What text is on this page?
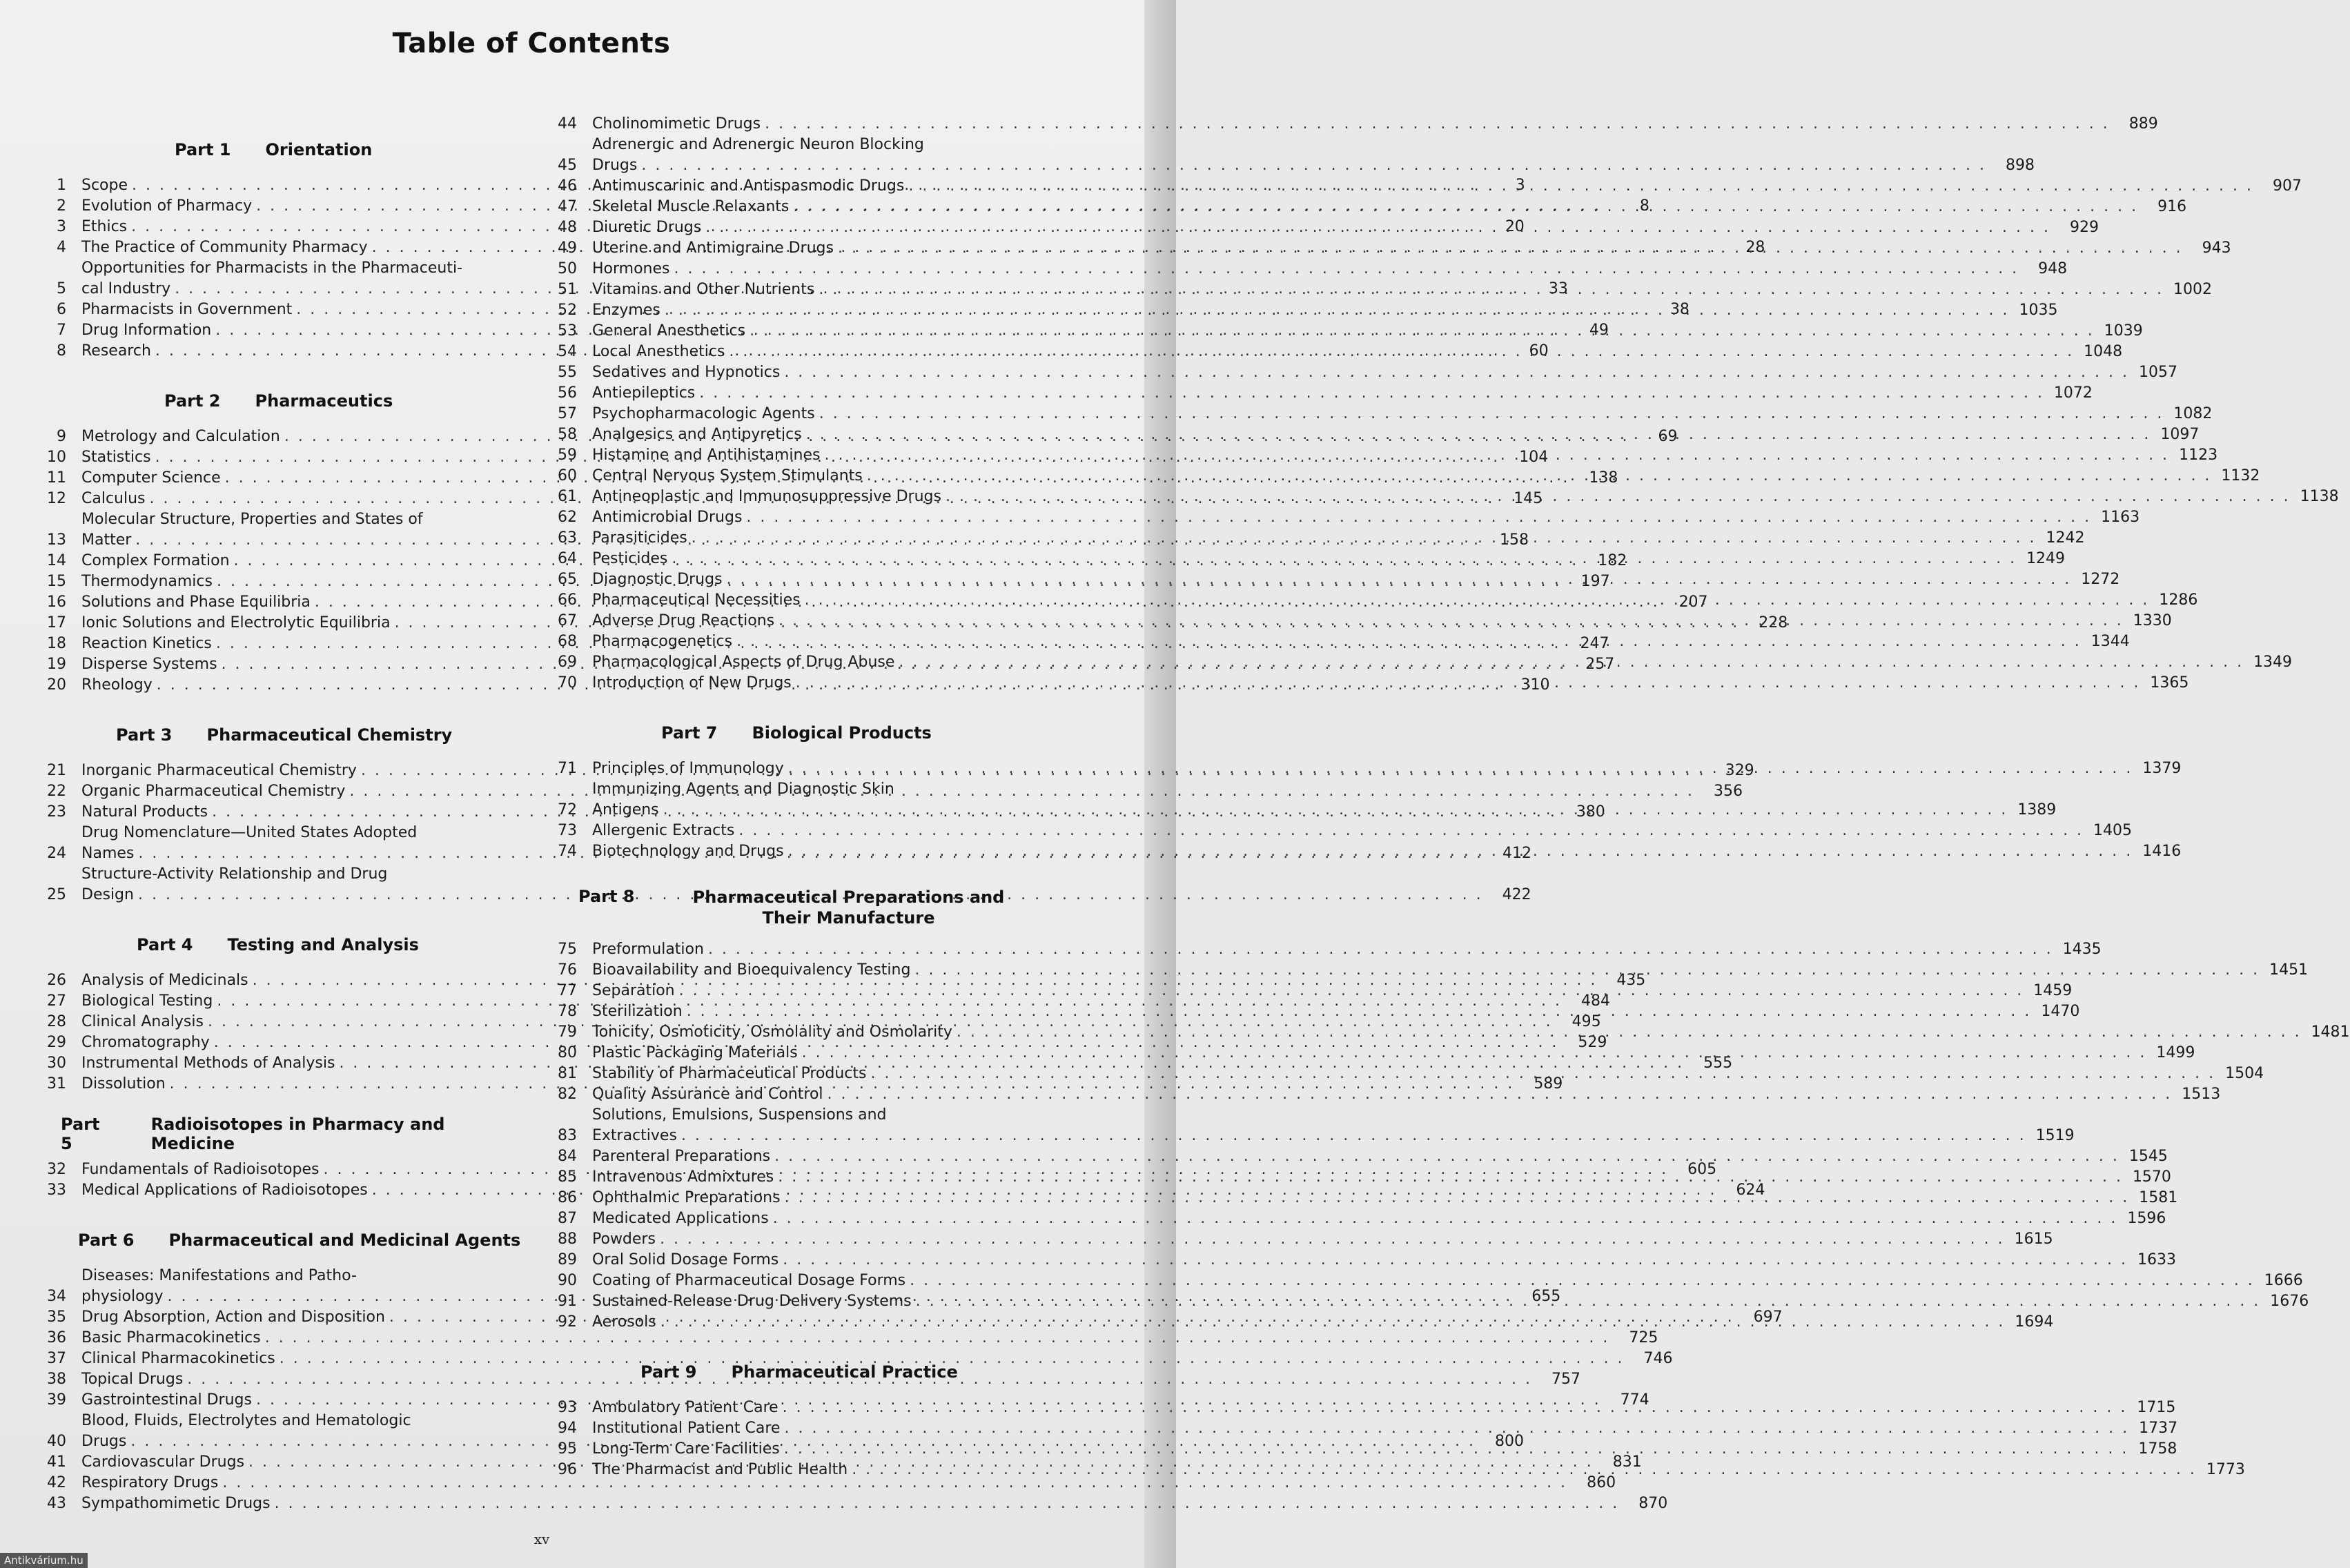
Table of Contents
Part 1 Orientation
1 Scope . . .	3
2 Evolution of Pharmacy . . .	8
3 Ethics . . .	20
4 The Practice of Community Pharmacy . . .	28
5
Opportunities for Pharmacists in the Pharmaceuti-
cal Industry . . .	33
6 Pharmacists in Government . . .	38
7 Drug Information . . .	49
8 Research . . .	60
Part 2 Pharmaceutics
9 Metrology and Calculation . . .	69
10 Statistics . . .	104
11 Computer Science . . .	138
12 Calculus . . .	145
13
Molecular Structure, Properties and States of
Matter . . .	158
14 Complex Formation . . .	182
15 Thermodynamics . . .	197
16 Solutions and Phase Equilibria . . .	207
17 Ionic Solutions and Electrolytic Equilibria . . .	228
18 Reaction Kinetics . . .	247
19 Disperse Systems . . .	257
20 Rheology . . .	310
Part 3 Pharmaceutical Chemistry
21 Inorganic Pharmaceutical Chemistry . . .	329
22 Organic Pharmaceutical Chemistry . . .	356
23 Natural Products . . .	380
24
Drug Nomenclature—United States Adopted
Names . . .	412
25
Structure-Activity Relationship and Drug
Design . . .	422
Part 4 Testing and Analysis
26 Analysis of Medicinals . . .	435
27 Biological Testing . . .	484
28 Clinical Analysis . . .	495
29 Chromatography . . .	529
30 Instrumental Methods of Analysis . . .	555
31 Dissolution . . .	589
Part 5
Radioisotopes in Pharmacy and Medicine
32 Fundamentals of Radioisotopes . . .	605
33 Medical Applications of Radioisotopes . . .	624
Part 6 Pharmaceutical and Medicinal Agents
34
Diseases: Manifestations and Patho-
physiology . . .	655
35 Drug Absorption, Action and Disposition . . .	697
36 Basic Pharmacokinetics . . .	725
37 Clinical Pharmacokinetics . . .	746
38 Topical Drugs . . .	757
39 Gastrointestinal Drugs . . .	774
40
Blood, Fluids, Electrolytes and Hematologic
Drugs . . .	800
41 Cardiovascular Drugs . . .	831
42 Respiratory Drugs . . .	860
43 Sympathomimetic Drugs . . .	870
44 Cholinomimetic Drugs . . .	889
45
Adrenergic and Adrenergic Neuron Blocking
Drugs . . .	898
46 Antimuscarinic and Antispasmodic Drugs . . .	907
47 Skeletal Muscle Relaxants . . .	916
48 Diuretic Drugs . . .	929
49 Uterine and Antimigraine Drugs . . .	943
50 Hormones . . .	948
51 Vitamins and Other Nutrients . . .	1002
52 Enzymes . . .	1035
53 General Anesthetics . . .	1039
54 Local Anesthetics . . .	1048
55 Sedatives and Hypnotics . . .	1057
56 Antiepileptics . . .	1072
57 Psychopharmacologic Agents . . .	1082
58 Analgesics and Antipyretics . . .	1097
59 Histamine and Antihistamines . . .	1123
60 Central Nervous System Stimulants . . .	1132
61 Antineoplastic and Immunosuppressive Drugs . . .	1138
62 Antimicrobial Drugs . . .	1163
63 Parasiticides . . .	1242
64 Pesticides . . .	1249
65 Diagnostic Drugs . . .	1272
66 Pharmaceutical Necessities . . .	1286
67 Adverse Drug Reactions . . .	1330
68 Pharmacogenetics . . .	1344
69 Pharmacological Aspects of Drug Abuse . . .	1349
70 Introduction of New Drugs . . .	1365
Part 7 Biological Products
71 Principles of Immunology . . .	1379
72
Immunizing Agents and Diagnostic Skin
Antigens . . .	1389
73 Allergenic Extracts . . .	1405
74 Biotechnology and Drugs . . .	1416
Part 8	Pharmaceutical Preparations and Their Manufacture
75 Preformulation . . .	1435
76 Bioavailability and Bioequivalency Testing . . .	1451
77 Separation . . .	1459
78 Sterilization . . .	1470
79 Tonicity, Osmoticity, Osmolality and Osmolarity . . .	1481
80 Plastic Packaging Materials . . .	1499
81 Stability of Pharmaceutical Products . . .	1504
82 Quality Assurance and Control . . .	1513
83
Solutions, Emulsions, Suspensions and
Extractives . . .	1519
84 Parenteral Preparations . . .	1545
85 Intravenous Admixtures . . .	1570
86 Ophthalmic Preparations . . .	1581
87 Medicated Applications . . .	1596
88 Powders . . .	1615
89 Oral Solid Dosage Forms . . .	1633
90 Coating of Pharmaceutical Dosage Forms . . .	1666
91 Sustained-Release Drug Delivery Systems . . .	1676
92 Aerosols . . .	1694
Part 9 Pharmaceutical Practice
93 Ambulatory Patient Care . . .	1715
94 Institutional Patient Care . . .	1737
95 Long-Term Care Facilities . . .	1758
96 The Pharmacist and Public Health . . .	1773
xv
Antikvárium.hu
